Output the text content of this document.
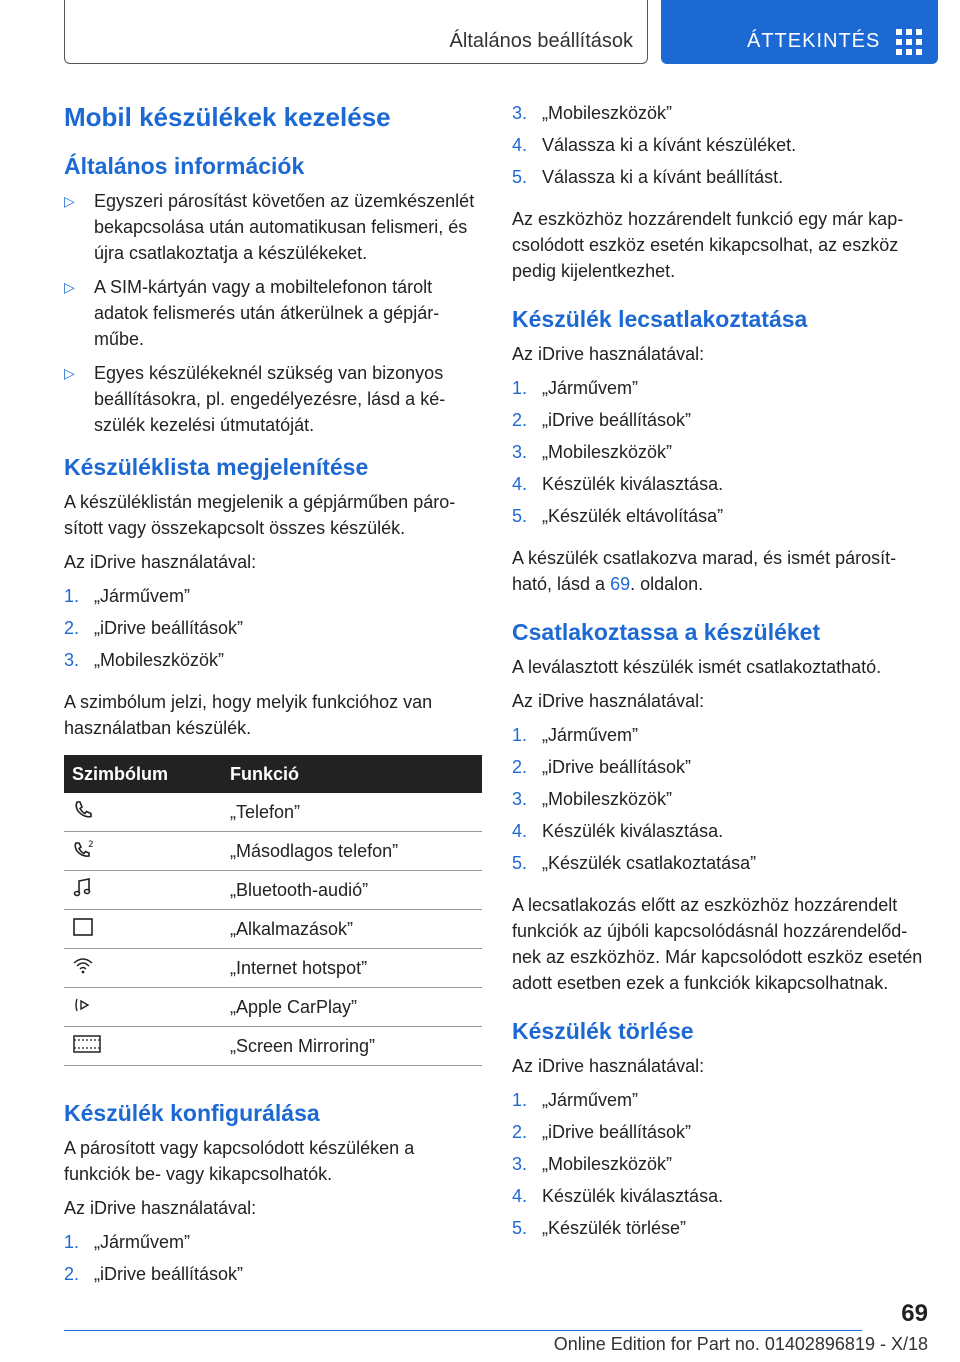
Általános beállítások	ÁTTEKINTÉS
Mobil készülékek kezelése
Általános információk
▷ Egyszeri párosítást követően az üzemkészenlét bekapcsolása után automatikusan felismeri, és újra csatlakoztatja a készülékeket.
▷ A SIM-kártyán vagy a mobiltelefonon tárolt adatok felismerés után átkerülnek a gépjárműbe.
▷ Egyes készülékeknél szükség van bizonyos beállításokra, pl. engedélyezésre, lásd a készülék kezelési útmutatóját.
Készüléklista megjelenítése

A készüléklistán megjelenik a gépjárműben párosított vagy összekapcsolt összes készülék.

Az iDrive használatával:

1. „Járművem”
2. „iDrive beállítások”
3. „Mobileszközök”

A szimbólum jelzi, hogy melyik funkcióhoz van használatban készülék.

Szimbólum	Funkció
	„Telefon”

2	„Másodlagos telefon”
	„Bluetooth-audió”
	„Alkalmazások”
	„Internet hotspot”
	„Apple CarPlay”
	„Screen Mirroring”
Készülék konfigurálása

A párosított vagy kapcsolódott készüléken a funkciók be- vagy kikapcsolhatók.

Az iDrive használatával:

1. „Járművem”
2. „iDrive beállítások”
3. „Mobileszközök”
4. Válassza ki a kívánt készüléket.
5. Válassza ki a kívánt beállítást.

Az eszközhöz hozzárendelt funkció egy már kapcsolódott eszköz esetén kikapcsolhat, az eszköz pedig kijelentkezhet.

Készülék lecsatlakoztatása

Az iDrive használatával:

1. „Járművem”
2. „iDrive beállítások”
3. „Mobileszközök”
4. Készülék kiválasztása.
5. „Készülék eltávolítása”

A készülék csatlakozva marad, és ismét párosítható, lásd a 69. oldalon.

Csatlakoztassa a készüléket

A leválasztott készülék ismét csatlakoztatható.

Az iDrive használatával:

1. „Járművem”
2. „iDrive beállítások”
3. „Mobileszközök”
4. Készülék kiválasztása.
5. „Készülék csatlakoztatása”

A lecsatlakozás előtt az eszközhöz hozzárendelt funkciók az újbóli kapcsolódásnál hozzárendelődnek az eszközhöz. Már kapcsolódott eszköz esetén adott esetben ezek a funkciók kikapcsolhatnak.

Készülék törlése

Az iDrive használatával:

1. „Járművem”
2. „iDrive beállítások”
3. „Mobileszközök”
4. Készülék kiválasztása.
5. „Készülék törlése”
69
Online Edition for Part no. 01402896819 - X/18
